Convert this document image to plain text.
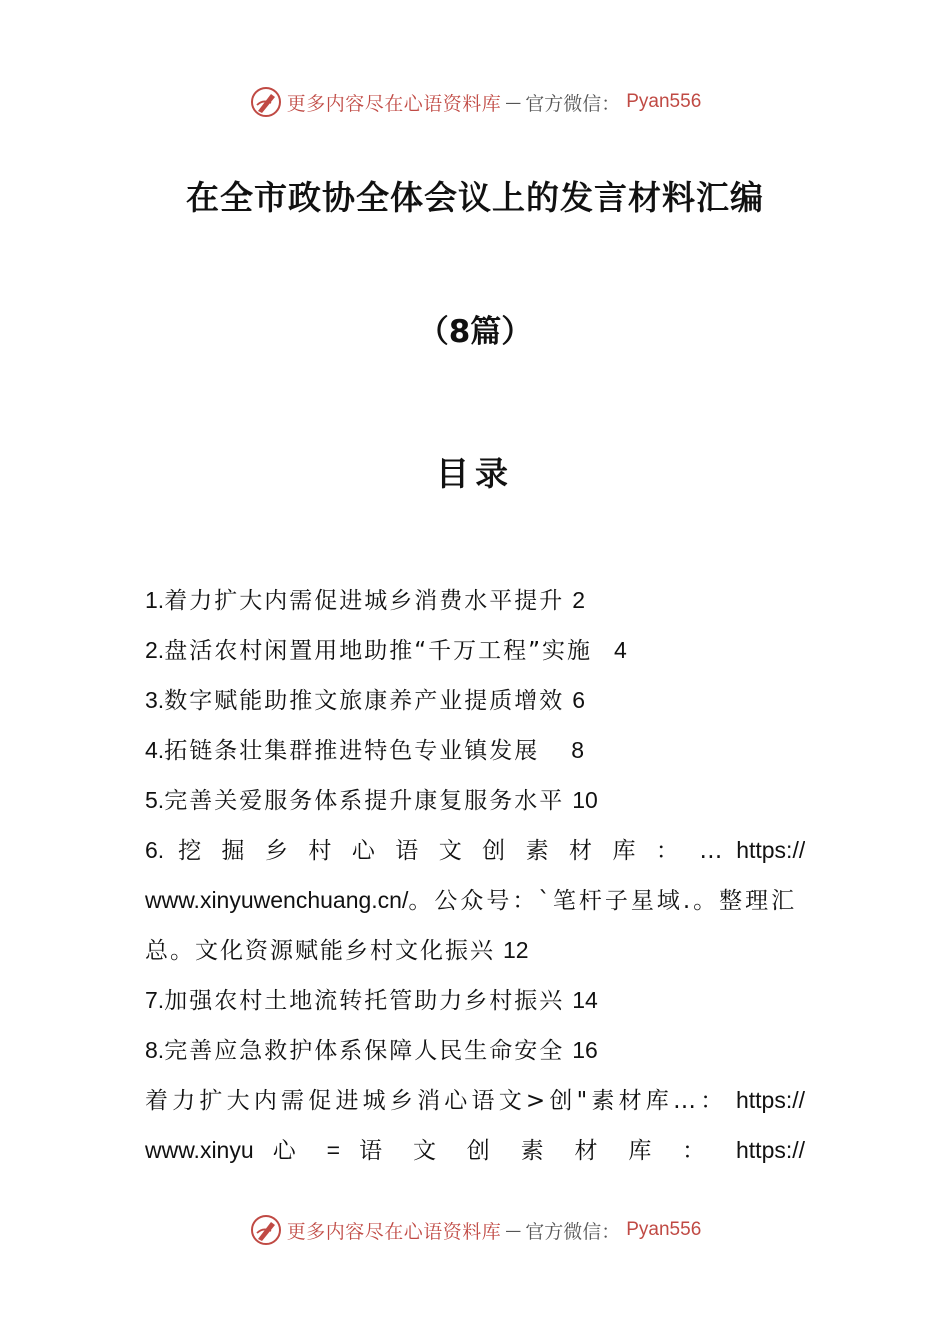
更多内容尽在心语资料库 — 官方微信： Pyan556
在全市政协全体会议上的发言材料汇编
（8篇）
目录
1.着力扩大内需促进城乡消费水平提升 2
2.盘活农村闲置用地助推“千万工程”实施 4
3.数字赋能助推文旅康养产业提质增效 6
4.拓链条壮集群推进特色专业镇发展 8
5.完善关爱服务体系提升康复服务水平 10
6. 挖 掘 乡 村 心 语 文 创 素 材 库 ： … https://
www.xinyuwenchuang.cn/。公众号：`笔杆子星域.。整理汇
总。文化资源赋能乡村文化振兴 12
7.加强农村土地流转托管助力乡村振兴 14
8.完善应急救护体系保障人民生命安全 16
着力扩大内需促进城乡消心语文>创"素材库…： https://
www.xinyu 心 = 语 文 创 素 材 库 ： https://
更多内容尽在心语资料库 — 官方微信： Pyan556
